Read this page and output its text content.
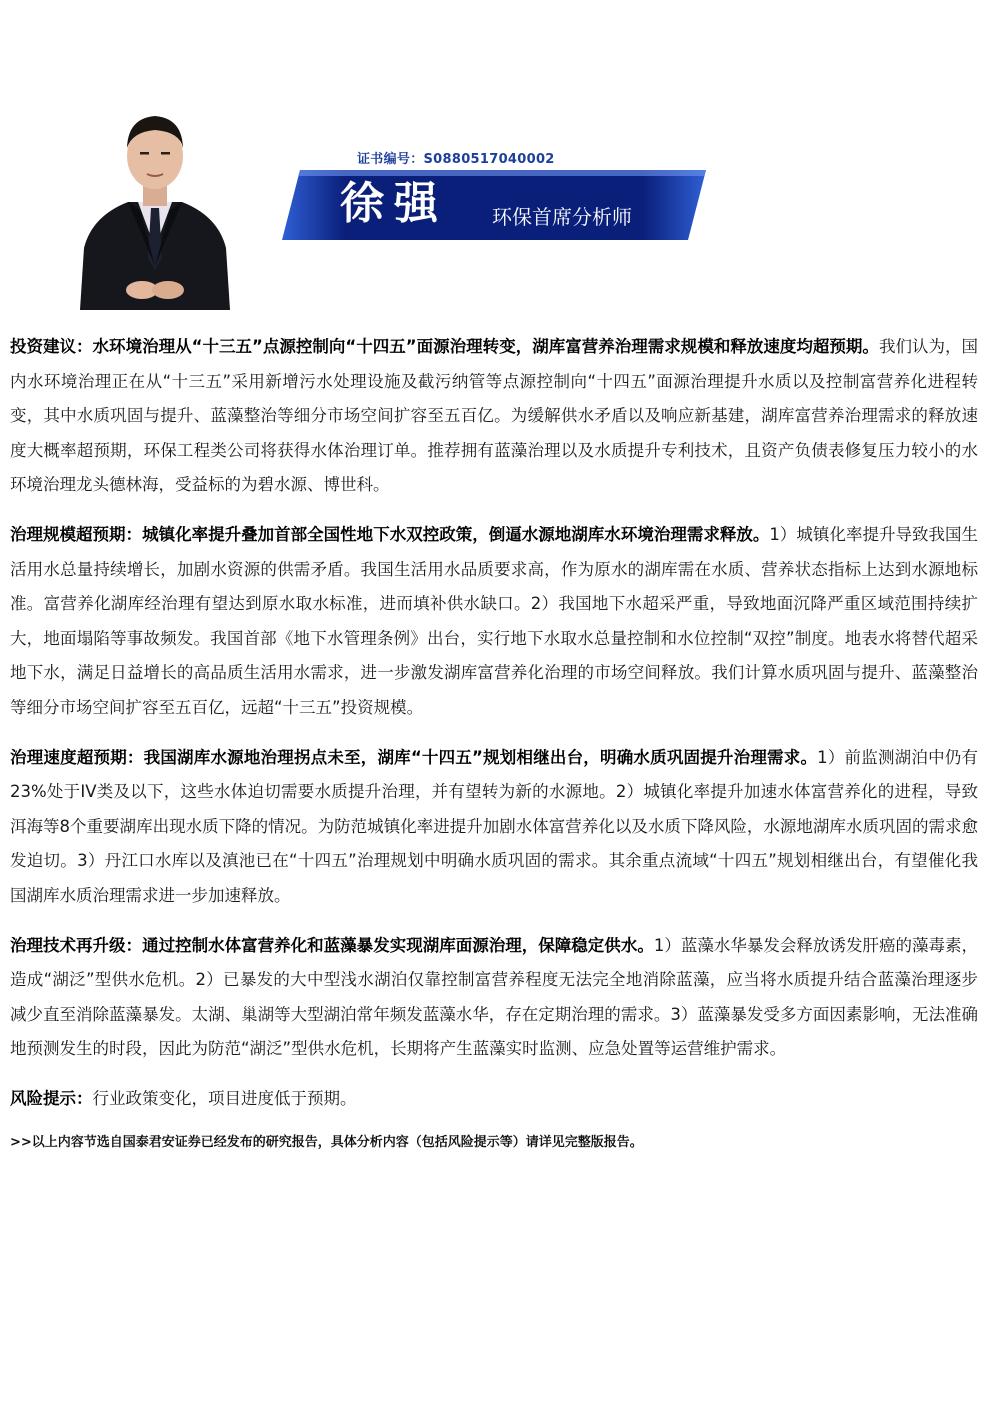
证书编号：S0880517040002
徐强 环保首席分析师

投资建议：水环境治理从“十三五”点源控制向“十四五”面源治理转变，湖库富营养治理需求规模和释放速度均超预期。我们认为，国内水环境治理正在从“十三五”采用新增污水处理设施及截污纳管等点源控制向“十四五”面源治理提升水质以及控制富营养化进程转变，其中水质巩固与提升、蓝藻整治等细分市场空间扩容至五百亿。为缓解供水矛盾以及响应新基建，湖库富营养治理需求的释放速度大概率超预期，环保工程类公司将获得水体治理订单。推荐拥有蓝藻治理以及水质提升专利技术，且资产负债表修复压力较小的水环境治理龙头德林海，受益标的为碧水源、博世科。

治理规模超预期：城镇化率提升叠加首部全国性地下水双控政策，倒逼水源地湖库水环境治理需求释放。1）城镇化率提升导致我国生活用水总量持续增长，加剧水资源的供需矛盾。我国生活用水品质要求高，作为原水的湖库需在水质、营养状态指标上达到水源地标准。富营养化湖库经治理有望达到原水取水标准，进而填补供水缺口。2）我国地下水超采严重，导致地面沉降严重区域范围持续扩大，地面塌陷等事故频发。我国首部《地下水管理条例》出台，实行地下水取水总量控制和水位控制“双控”制度。地表水将替代超采地下水，满足日益增长的高品质生活用水需求，进一步激发湖库富营养化治理的市场空间释放。我们计算水质巩固与提升、蓝藻整治等细分市场空间扩容至五百亿，远超“十三五”投资规模。

治理速度超预期：我国湖库水源地治理拐点未至，湖库“十四五”规划相继出台，明确水质巩固提升治理需求。1）前监测湖泊中仍有23%处于IV类及以下，这些水体迫切需要水质提升治理，并有望转为新的水源地。2）城镇化率提升加速水体富营养化的进程，导致洱海等8个重要湖库出现水质下降的情况。为防范城镇化率进提升加剧水体富营养化以及水质下降风险，水源地湖库水质巩固的需求愈发迫切。3）丹江口水库以及滇池已在“十四五”治理规划中明确水质巩固的需求。其余重点流域“十四五”规划相继出台，有望催化我国湖库水质治理需求进一步加速释放。

治理技术再升级：通过控制水体富营养化和蓝藻暴发实现湖库面源治理，保障稳定供水。1）蓝藻水华暴发会释放诱发肝癌的藻毒素，造成“湖泛”型供水危机。2）已暴发的大中型浅水湖泊仅靠控制富营养程度无法完全地消除蓝藻，应当将水质提升结合蓝藻治理逐步减少直至消除蓝藻暴发。太湖、巢湖等大型湖泊常年频发蓝藻水华，存在定期治理的需求。3）蓝藻暴发受多方面因素影响，无法准确地预测发生的时段，因此为防范“湖泛”型供水危机，长期将产生蓝藻实时监测、应急处置等运营维护需求。

风险提示：行业政策变化，项目进度低于预期。

>>以上内容节选自国泰君安证券已经发布的研究报告，具体分析内容（包括风险提示等）请详见完整版报告。
